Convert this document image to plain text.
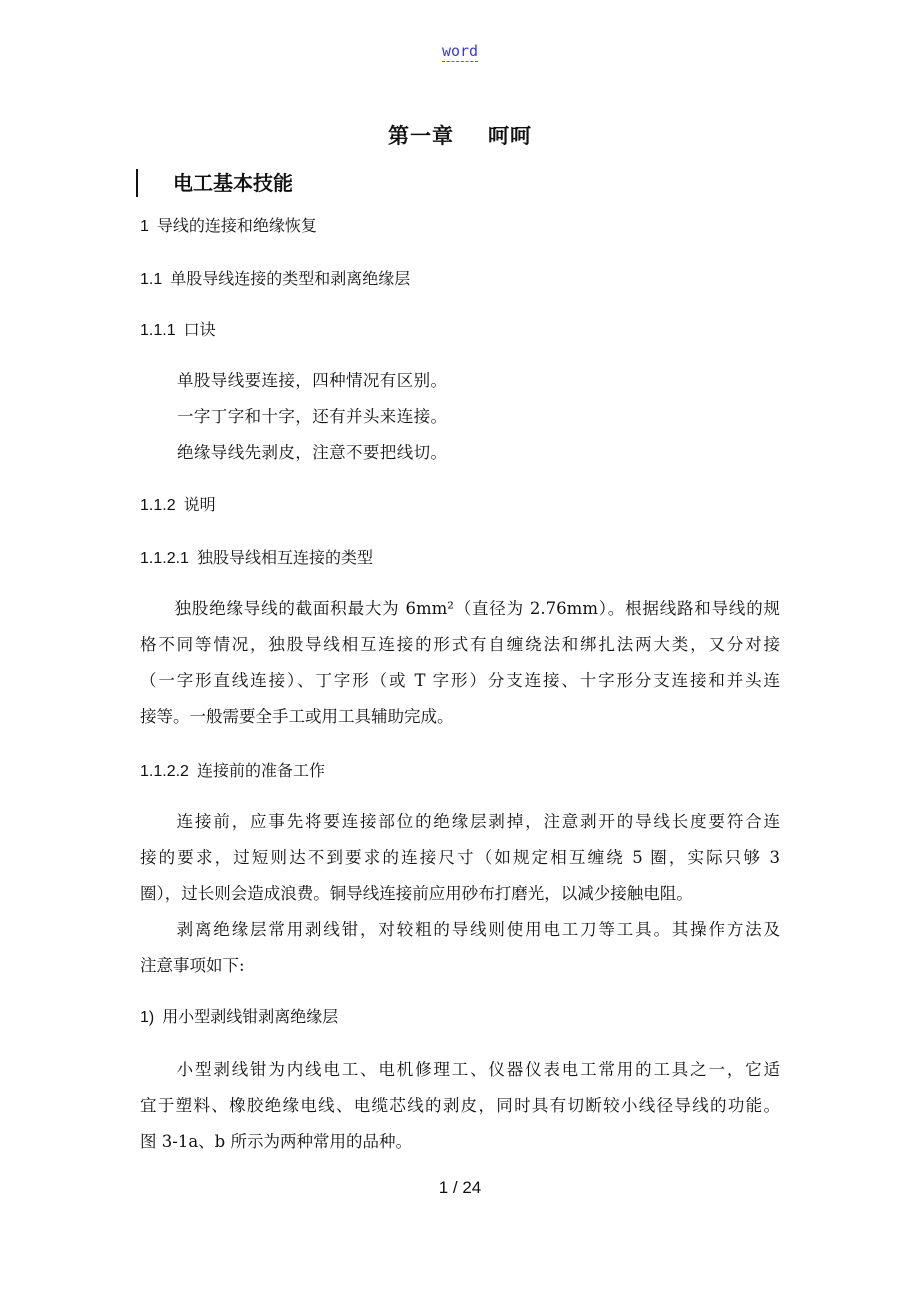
word
第一章 呵呵
电工基本技能
1 导线的连接和绝缘恢复
1.1 单股导线连接的类型和剥离绝缘层
1.1.1 口诀
单股导线要连接，四种情况有区别。
一字丁字和十字，还有并头来连接。
绝缘导线先剥皮，注意不要把线切。
1.1.2 说明
1.1.2.1 独股导线相互连接的类型
　　独股绝缘导线的截面积最大为 6mm²（直径为 2.76mm）。根据线路和导线的规
格不同等情况，独股导线相互连接的形式有自缠绕法和绑扎法两大类，又分对接
（一字形直线连接）、丁字形（或 T 字形）分支连接、十字形分支连接和并头连
接等。一般需要全手工或用工具辅助完成。
1.1.2.2 连接前的准备工作
　　连接前，应事先将要连接部位的绝缘层剥掉，注意剥开的导线长度要符合连
接的要求，过短则达不到要求的连接尺寸（如规定相互缠绕 5 圈，实际只够 3
圈），过长则会造成浪费。铜导线连接前应用砂布打磨光，以减少接触电阻。
　　剥离绝缘层常用剥线钳，对较粗的导线则使用电工刀等工具。其操作方法及
注意事项如下:
1) 用小型剥线钳剥离绝缘层
　　小型剥线钳为内线电工、电机修理工、仪器仪表电工常用的工具之一，它适
宜于塑料、橡胶绝缘电线、电缆芯线的剥皮，同时具有切断较小线径导线的功能。
图 3-1a、b 所示为两种常用的品种。
1 / 24
